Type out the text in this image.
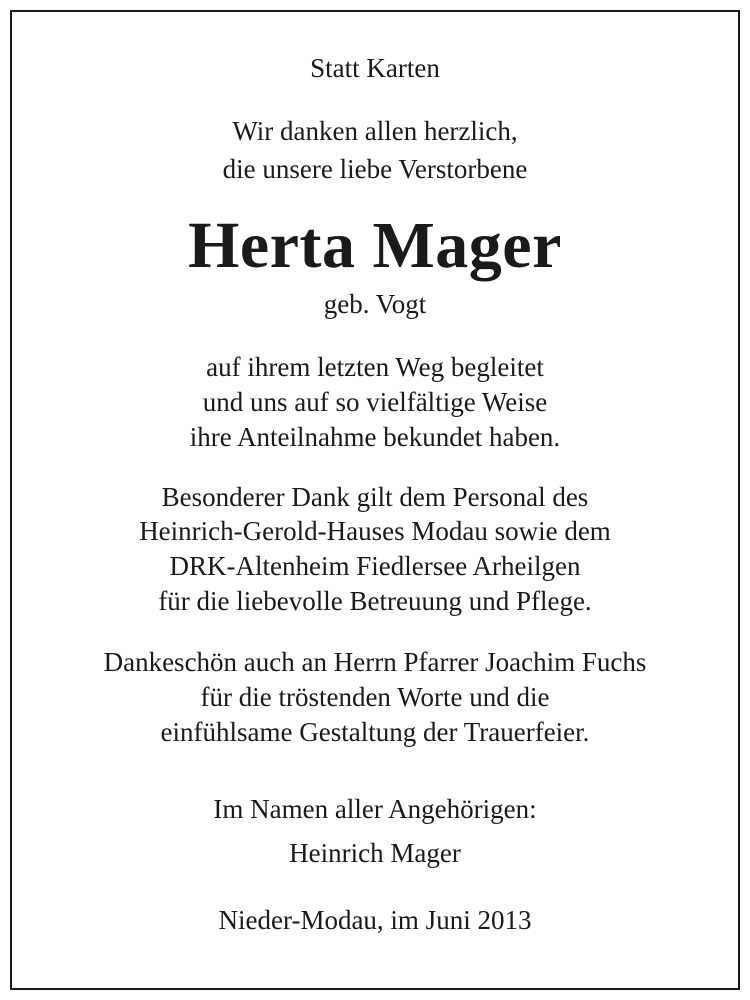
Statt Karten
Wir danken allen herzlich,
die unsere liebe Verstorbene
Herta Mager
geb. Vogt
auf ihrem letzten Weg begleitet
und uns auf so vielfältige Weise
ihre Anteilnahme bekundet haben.
Besonderer Dank gilt dem Personal des
Heinrich-Gerold-Hauses Modau sowie dem
DRK-Altenheim Fiedlersee Arheilgen
für die liebevolle Betreuung und Pflege.
Dankeschön auch an Herrn Pfarrer Joachim Fuchs
für die tröstenden Worte und die
einfühlsame Gestaltung der Trauerfeier.
Im Namen aller Angehörigen:
Heinrich Mager
Nieder-Modau, im Juni 2013
